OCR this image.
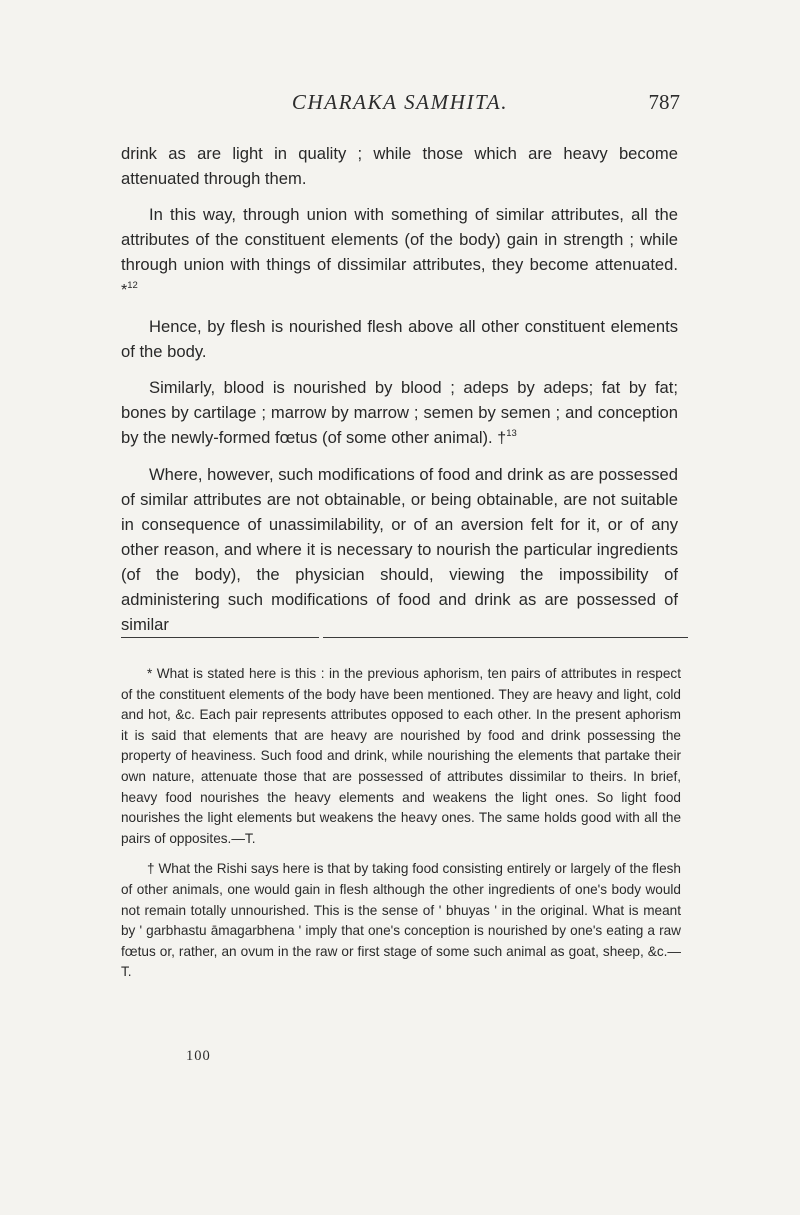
CHARAKA SAMHITA.	787

drink as are light in quality ; while those which are heavy become attenuated through them.

In this way, through union with something of similar attributes, all the attributes of the constituent elements (of the body) gain in strength ; while through union with things of dissimilar attributes, they become attenuated. *$^{12}$

Hence, by flesh is nourished flesh above all other constituent elements of the body.

Similarly, blood is nourished by blood ; adeps by adeps; fat by fat; bones by cartilage ; marrow by marrow ; semen by semen ; and conception by the newly-formed fœtus (of some other animal). †$^{13}$

Where, however, such modifications of food and drink as are possessed of similar attributes are not obtainable, or being obtainable, are not suitable in consequence of unassimilability, or of an aversion felt for it, or of any other reason, and where it is necessary to nourish the particular ingredients (of the body), the physician should, viewing the impossibility of administering such modifications of food and drink as are possessed of similar

* What is stated here is this : in the previous aphorism, ten pairs of attributes in respect of the constituent elements of the body have been mentioned. They are heavy and light, cold and hot, &c. Each pair represents attributes opposed to each other. In the present aphorism it is said that elements that are heavy are nourished by food and drink possessing the property of heaviness. Such food and drink, while nourishing the elements that partake their own nature, attenuate those that are possessed of attributes dissimilar to theirs. In brief, heavy food nourishes the heavy elements and weakens the light ones. So light food nourishes the light elements but weakens the heavy ones. The same holds good with all the pairs of opposites.—T.

† What the Rishi says here is that by taking food consisting entirely or largely of the flesh of other animals, one would gain in flesh although the other ingredients of one's body would not remain totally unnourished. This is the sense of ' bhuyas ' in the original. What is meant by ' garbhastu āmagarbhena ' imply that one's conception is nourished by one's eating a raw fœtus or, rather, an ovum in the raw or first stage of some such animal as goat, sheep, &c.—T.

100
